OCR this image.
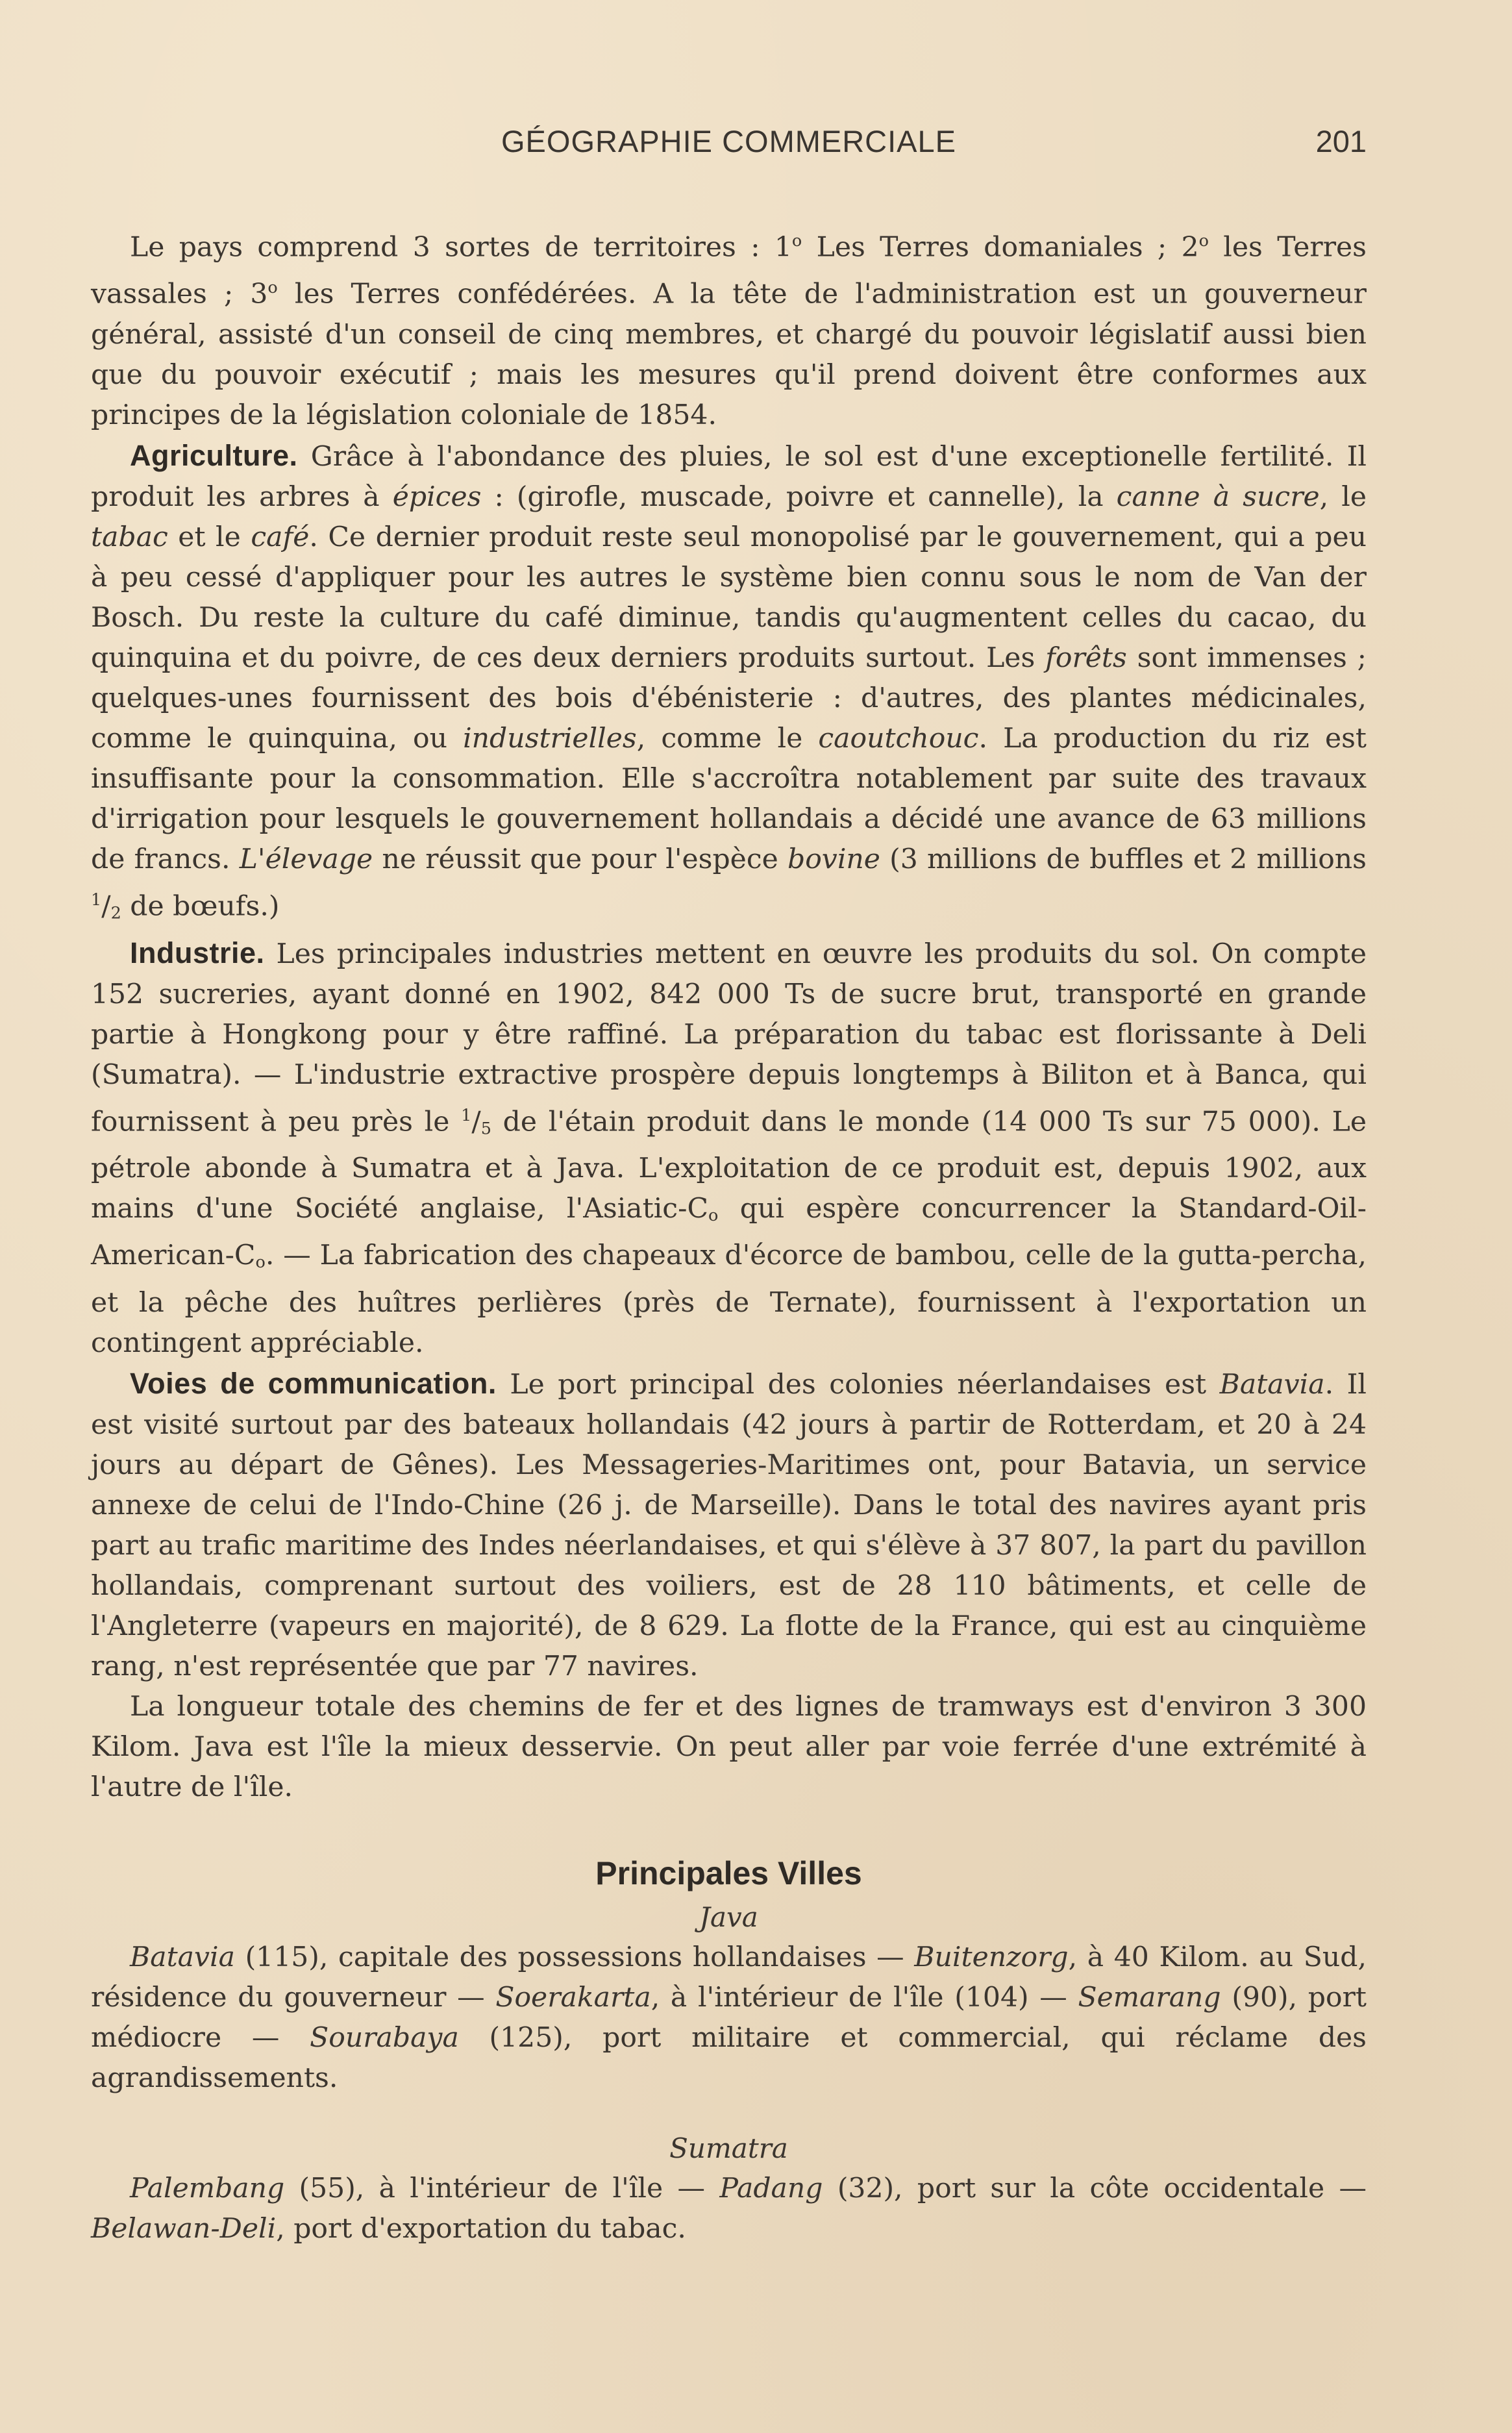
GÉOGRAPHIE COMMERCIALE	201

Le pays comprend 3 sortes de territoires : 1$^o$ Les Terres domaniales ; 2$^o$ les Terres vassales ; 3$^o$ les Terres confédérées. A la tête de l'administration est un gouverneur général, assisté d'un conseil de cinq membres, et chargé du pouvoir législatif aussi bien que du pouvoir exécutif ; mais les mesures qu'il prend doivent être conformes aux principes de la législation coloniale de 1854.

Agriculture. Grâce à l'abondance des pluies, le sol est d'une exceptionelle fertilité. Il produit les arbres à épices : (girofle, muscade, poivre et cannelle), la canne à sucre, le tabac et le café. Ce dernier produit reste seul monopolisé par le gouvernement, qui a peu à peu cessé d'appliquer pour les autres le système bien connu sous le nom de Van der Bosch. Du reste la culture du café diminue, tandis qu'augmentent celles du cacao, du quinquina et du poivre, de ces deux derniers produits surtout. Les forêts sont immenses ; quelques-unes fournissent des bois d'ébénisterie : d'autres, des plantes médicinales, comme le quinquina, ou industrielles, comme le caoutchouc. La production du riz est insuffisante pour la consommation. Elle s'accroîtra notablement par suite des travaux d'irrigation pour lesquels le gouvernement hollandais a décidé une avance de 63 millions de francs. L'élevage ne réussit que pour l'espèce bovine (3 millions de buffles et 2 millions $^1$/2 de bœufs.)

Industrie. Les principales industries mettent en œuvre les produits du sol. On compte 152 sucreries, ayant donné en 1902, 842 000 Ts de sucre brut, transporté en grande partie à Hongkong pour y être raffiné. La préparation du tabac est florissante à Deli (Sumatra). — L'industrie extractive prospère depuis longtemps à Biliton et à Banca, qui fournissent à peu près le $^1$/5 de l'étain produit dans le monde (14 000 Ts sur 75 000). Le pétrole abonde à Sumatra et à Java. L'exploitation de ce produit est, depuis 1902, aux mains d'une Société anglaise, l'Asiatic-Co qui espère concurrencer la Standard-Oil-American-Co. — La fabrication des chapeaux d'écorce de bambou, celle de la gutta-percha, et la pêche des huîtres perlières (près de Ternate), fournissent à l'exportation un contingent appréciable.

Voies de communication. Le port principal des colonies néerlandaises est Batavia. Il est visité surtout par des bateaux hollandais (42 jours à partir de Rotterdam, et 20 à 24 jours au départ de Gênes). Les Messageries-Maritimes ont, pour Batavia, un service annexe de celui de l'Indo-Chine (26 j. de Marseille). Dans le total des navires ayant pris part au trafic maritime des Indes néerlandaises, et qui s'élève à 37 807, la part du pavillon hollandais, comprenant surtout des voiliers, est de 28 110 bâtiments, et celle de l'Angleterre (vapeurs en majorité), de 8 629. La flotte de la France, qui est au cinquième rang, n'est représentée que par 77 navires.

La longueur totale des chemins de fer et des lignes de tramways est d'environ 3 300 Kilom. Java est l'île la mieux desservie. On peut aller par voie ferrée d'une extrémité à l'autre de l'île.

Principales Villes

Java

Batavia (115), capitale des possessions hollandaises — Buitenzorg, à 40 Kilom. au Sud, résidence du gouverneur — Soerakarta, à l'intérieur de l'île (104) — Semarang (90), port médiocre — Sourabaya (125), port militaire et commercial, qui réclame des agrandissements.

Sumatra

Palembang (55), à l'intérieur de l'île — Padang (32), port sur la côte occidentale — Belawan-Deli, port d'exportation du tabac.
